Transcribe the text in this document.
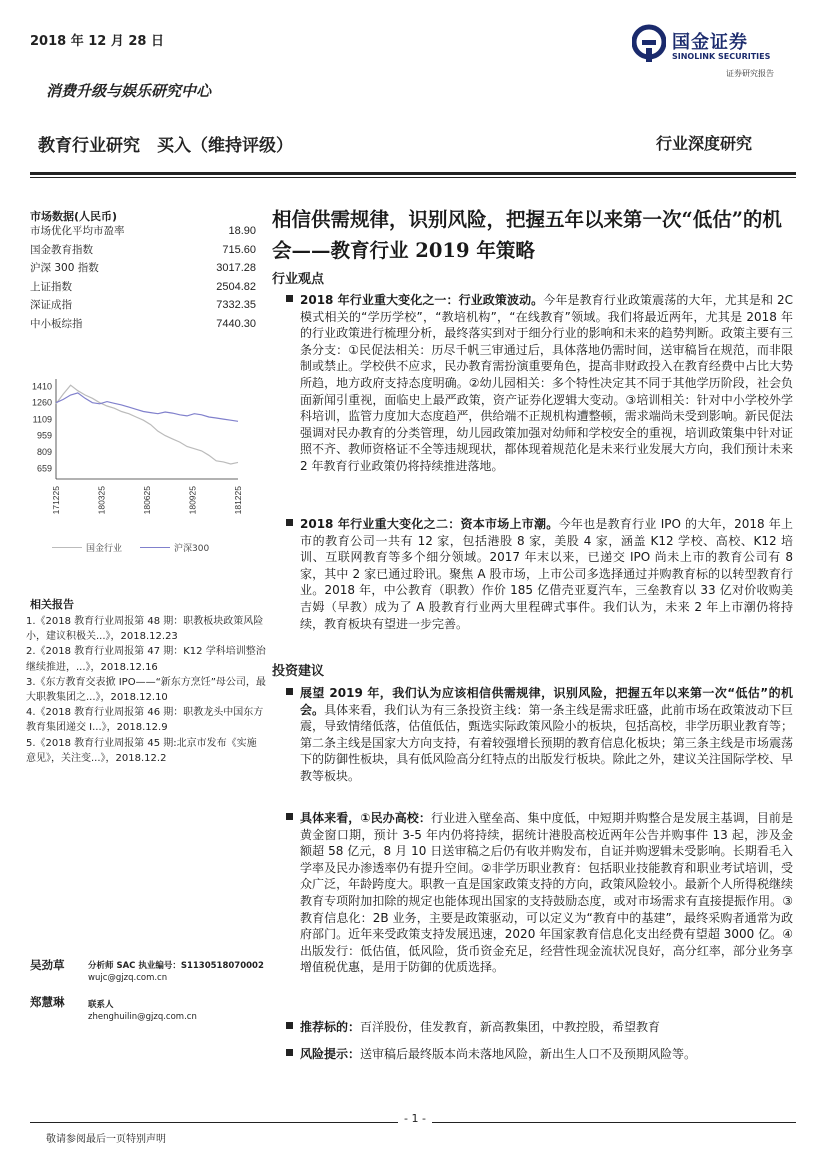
2018 年 12 月 28 日	国金证券
SINOLINK SECURITIES
证券研究报告
消费升级与娱乐研究中心
教育行业研究　买入（维持评级）	行业深度研究
相信供需规律，识别风险，把握五年以来第一次“低估”的机会——教育行业 2019 年策略
市场数据(人民币)
市场优化平均市盈率	18.90
国金教育指数	715.60
沪深 300 指数	3017.28
上证指数	2504.82
深证成指	7332.35
中小板综指	7440.30
659
809
959
1109
1260
1410
171225	180325	180625	180925	181225
国金行业	沪深300
相关报告
1.《2018 教育行业周报第 48 期：职教板块政策风险小，建议积极关...》，2018.12.23
2.《2018 教育行业周报第 47 期：K12 学科培训整治继续推进，...》，2018.12.16
3.《东方教育交表掀 IPO——“新东方烹饪”母公司，最大职教集团之...》，2018.12.10
4.《2018 教育行业周报第 46 期：职教龙头中国东方教育集团递交 I...》，2018.12.9
5.《2018 教育行业周报第 45 期:北京市发布《实施意见》，关注变...》，2018.12.2
吴劲草	分析师 SAC 执业编号：S1130518070002
wujc@gjzq.com.cn
郑慧琳	联系人
zhenghuilin@gjzq.com.cn
行业观点
2018 年行业重大变化之一：行业政策波动。今年是教育行业政策震荡的大年，尤其是和 2C 模式相关的“学历学校”，“教培机构”，“在线教育”领域。我们将最近两年，尤其是 2018 年的行业政策进行梳理分析，最终落实到对于细分行业的影响和未来的趋势判断。政策主要有三条分支：①民促法相关：历尽千帆三审通过后，具体落地仍需时间，送审稿旨在规范，而非限制或禁止。学校供不应求，民办教育需扮演重要角色，提高非财政投入在教育经费中占比大势所趋，地方政府支持态度明确。②幼儿园相关：多个特性决定其不同于其他学历阶段，社会负面新闻引重视，面临史上最严政策，资产证券化逻辑大变动。③培训相关：针对中小学校外学科培训，监管力度加大态度趋严，供给端不正规机构遭整顿，需求端尚未受到影响。新民促法强调对民办教育的分类管理，幼儿园政策加强对幼师和学校安全的重视，培训政策集中针对证照不齐、教师资格证不全等违规现状，都体现着规范化是未来行业发展大方向，我们预计未来 2 年教育行业政策仍将持续推进落地。
2018 年行业重大变化之二：资本市场上市潮。今年也是教育行业 IPO 的大年，2018 年上市的教育公司一共有 12 家，包括港股 8 家，美股 4 家，涵盖 K12 学校、高校、K12 培训、互联网教育等多个细分领域。2017 年末以来，已递交 IPO 尚未上市的教育公司有 8 家，其中 2 家已通过聆讯。聚焦 A 股市场，上市公司多选择通过并购教育标的以转型教育行业。2018 年，中公教育（职教）作价 185 亿借壳亚夏汽车，三垒教育以 33 亿对价收购美吉姆（早教）成为了 A 股教育行业两大里程碑式事件。我们认为，未来 2 年上市潮仍将持续，教育板块有望进一步完善。
投资建议
展望 2019 年，我们认为应该相信供需规律，识别风险，把握五年以来第一次“低估”的机会。具体来看，我们认为有三条投资主线：第一条主线是需求旺盛，此前市场在政策波动下巨震，导致情绪低落，估值低估，甄选实际政策风险小的板块，包括高校，非学历职业教育等；第二条主线是国家大方向支持，有着较强增长预期的教育信息化板块；第三条主线是市场震荡下的防御性板块，具有低风险高分红特点的出版发行板块。除此之外，建议关注国际学校、早教等板块。
具体来看，①民办高校：行业进入壁垒高、集中度低，中短期并购整合是发展主基调，目前是黄金窗口期，预计 3-5 年内仍将持续，据统计港股高校近两年公告并购事件 13 起，涉及金额超 58 亿元，8 月 10 日送审稿之后仍有收并购发布，自证并购逻辑未受影响。长期看毛入学率及民办渗透率仍有提升空间。②非学历职业教育：包括职业技能教育和职业考试培训，受众广泛，年龄跨度大。职教一直是国家政策支持的方向，政策风险较小。最新个人所得税继续教育专项附加扣除的规定也能体现出国家的支持鼓励态度，或对市场需求有直接提振作用。③教育信息化：2B 业务，主要是政策驱动，可以定义为“教育中的基建”，最终采购者通常为政府部门。近年来受政策支持发展迅速，2020 年国家教育信息化支出经费有望超 3000 亿。④出版发行：低估值，低风险，货币资金充足，经营性现金流状况良好，高分红率，部分业务享增值税优惠，是用于防御的优质选择。
推荐标的：百洋股份，佳发教育，新高教集团，中教控股，希望教育
风险提示：送审稿后最终版本尚未落地风险，新出生人口不及预期风险等。
- 1 -
敬请参阅最后一页特别声明
